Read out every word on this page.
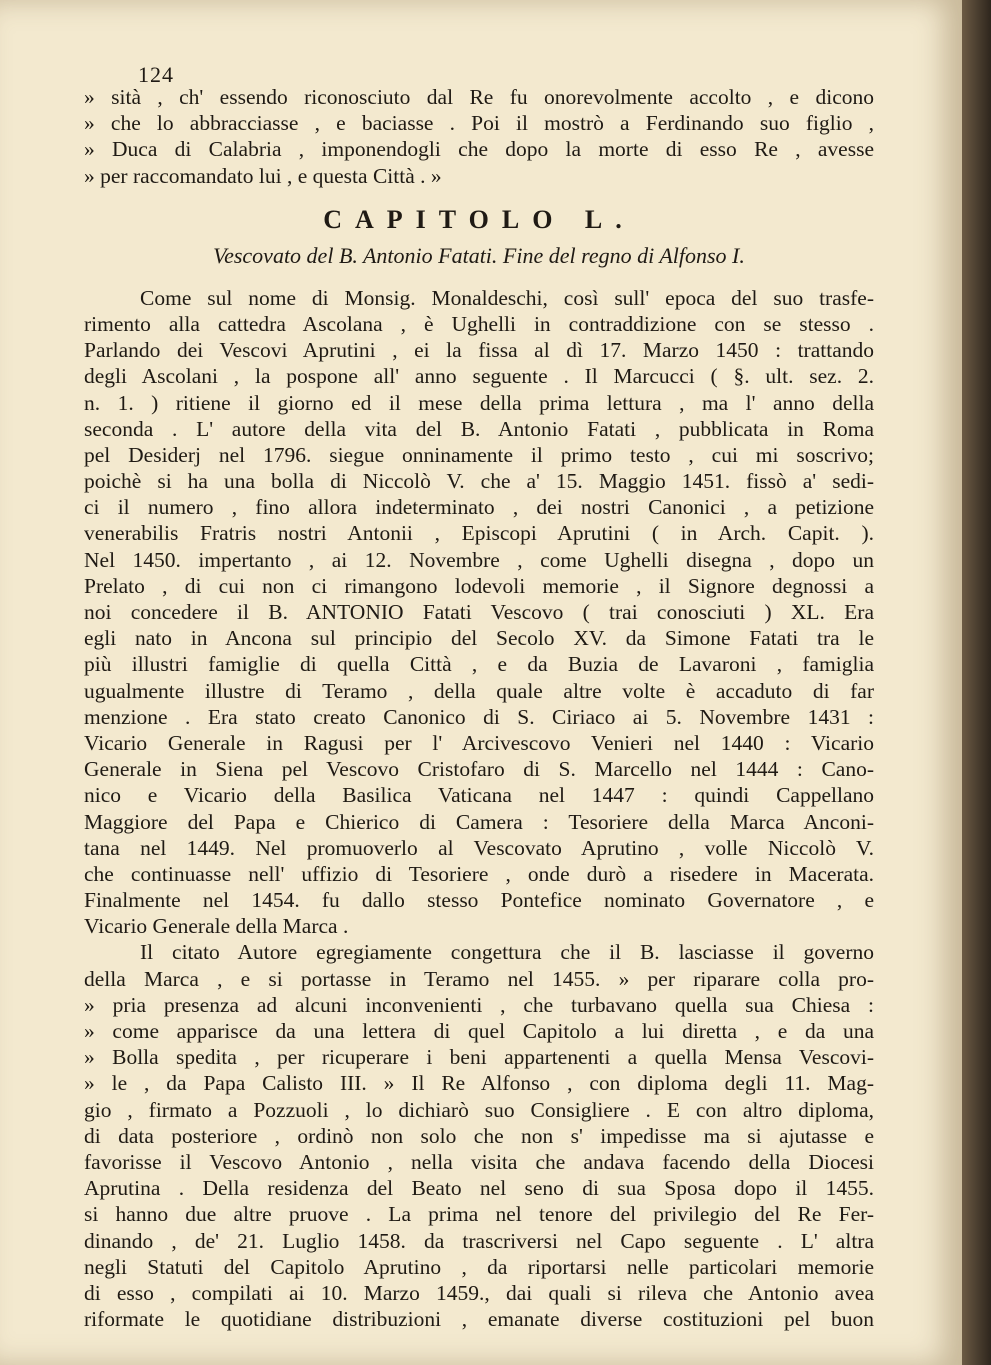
124
» sità , ch' essendo riconosciuto dal Re fu onorevolmente accolto , e dicono
» che lo abbracciasse , e baciasse . Poi il mostrò a Ferdinando suo figlio ,
» Duca di Calabria , imponendogli che dopo la morte di esso Re , avesse
» per raccomandato lui , e questa Città . »
CAPITOLO L.
Vescovato del B. Antonio Fatati. Fine del regno di Alfonso I.
Come sul nome di Monsig. Monaldeschi, così sull' epoca del suo trasfe-
rimento alla cattedra Ascolana , è Ughelli in contraddizione con se stesso .
Parlando dei Vescovi Aprutini , ei la fissa al dì 17. Marzo 1450 : trattando
degli Ascolani , la pospone all' anno seguente . Il Marcucci ( §. ult. sez. 2.
n. 1. ) ritiene il giorno ed il mese della prima lettura , ma l' anno della
seconda . L' autore della vita del B. Antonio Fatati , pubblicata in Roma
pel Desiderj nel 1796. siegue onninamente il primo testo , cui mi soscrivo;
poichè si ha una bolla di Niccolò V. che a' 15. Maggio 1451. fissò a' sedi-
ci il numero , fino allora indeterminato , dei nostri Canonici , a petizione
venerabilis Fratris nostri Antonii , Episcopi Aprutini ( in Arch. Capit. ).
Nel 1450. impertanto , ai 12. Novembre , come Ughelli disegna , dopo un
Prelato , di cui non ci rimangono lodevoli memorie , il Signore degnossi a
noi concedere il B. ANTONIO Fatati Vescovo ( trai conosciuti ) XL. Era
egli nato in Ancona sul principio del Secolo XV. da Simone Fatati tra le
più illustri famiglie di quella Città , e da Buzia de Lavaroni , famiglia
ugualmente illustre di Teramo , della quale altre volte è accaduto di far
menzione . Era stato creato Canonico di S. Ciriaco ai 5. Novembre 1431 :
Vicario Generale in Ragusi per l' Arcivescovo Venieri nel 1440 : Vicario
Generale in Siena pel Vescovo Cristofaro di S. Marcello nel 1444 : Cano-
nico e Vicario della Basilica Vaticana nel 1447 : quindi Cappellano
Maggiore del Papa e Chierico di Camera : Tesoriere della Marca Anconi-
tana nel 1449. Nel promuoverlo al Vescovato Aprutino , volle Niccolò V.
che continuasse nell' uffizio di Tesoriere , onde durò a risedere in Macerata.
Finalmente nel 1454. fu dallo stesso Pontefice nominato Governatore , e
Vicario Generale della Marca .
Il citato Autore egregiamente congettura che il B. lasciasse il governo
della Marca , e si portasse in Teramo nel 1455. » per riparare colla pro-
» pria presenza ad alcuni inconvenienti , che turbavano quella sua Chiesa :
» come apparisce da una lettera di quel Capitolo a lui diretta , e da una
» Bolla spedita , per ricuperare i beni appartenenti a quella Mensa Vescovi-
» le , da Papa Calisto III. » Il Re Alfonso , con diploma degli 11. Mag-
gio , firmato a Pozzuoli , lo dichiarò suo Consigliere . E con altro diploma,
di data posteriore , ordinò non solo che non s' impedisse ma si ajutasse e
favorisse il Vescovo Antonio , nella visita che andava facendo della Diocesi
Aprutina . Della residenza del Beato nel seno di sua Sposa dopo il 1455.
si hanno due altre pruove . La prima nel tenore del privilegio del Re Fer-
dinando , de' 21. Luglio 1458. da trascriversi nel Capo seguente . L' altra
negli Statuti del Capitolo Aprutino , da riportarsi nelle particolari memorie
di esso , compilati ai 10. Marzo 1459., dai quali si rileva che Antonio avea
riformate le quotidiane distribuzioni , emanate diverse costituzioni pel buon
